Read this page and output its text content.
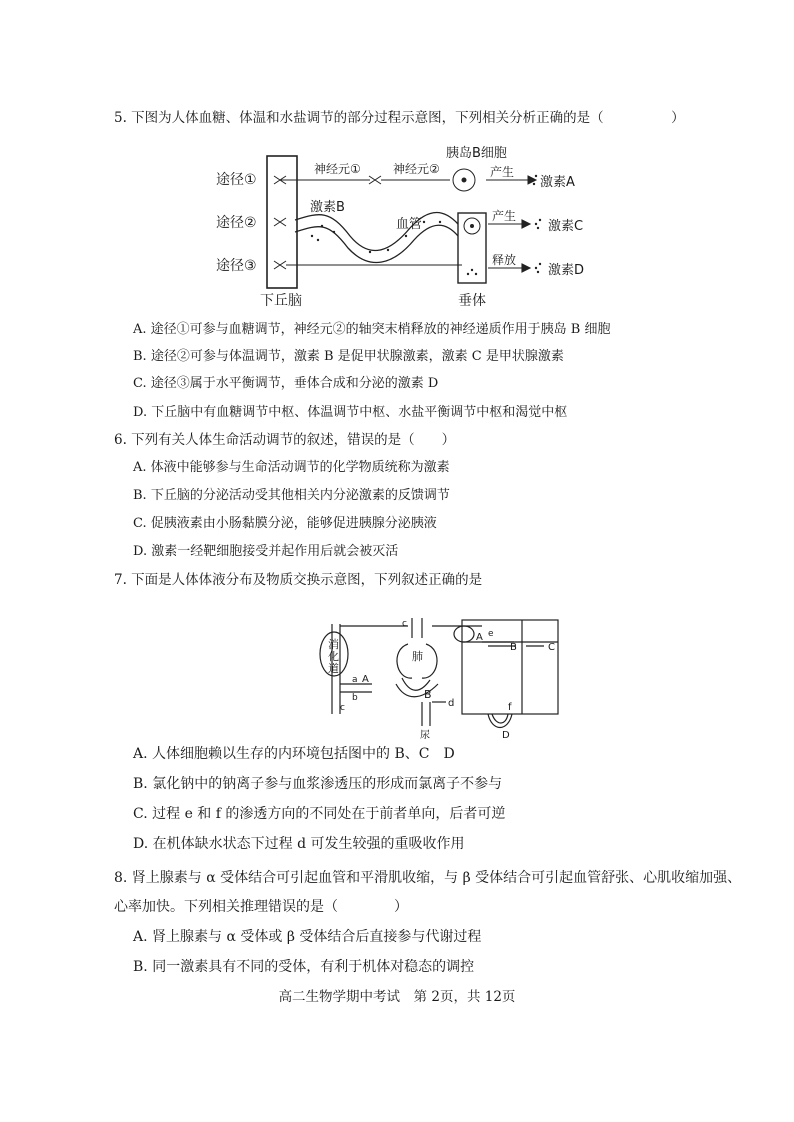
5. 下图为人体血糖、体温和水盐调节的部分过程示意图，下列相关分析正确的是（　　　　　）
途径①
途径②
途径③
下丘脑
神经元①	神经元②
胰岛B细胞
产生
激素A
激素B
血管
产生
释放
激素C
激素D
垂体
A. 途径①可参与血糖调节，神经元②的轴突末梢释放的神经递质作用于胰岛 B 细胞
B. 途径②可参与体温调节，激素 B 是促甲状腺激素，激素 C 是甲状腺激素
C. 途径③属于水平衡调节，垂体合成和分泌的激素 D
D. 下丘脑中有血糖调节中枢、体温调节中枢、水盐平衡调节中枢和渴觉中枢
6. 下列有关人体生命活动调节的叙述，错误的是（　　）
A. 体液中能够参与生命活动调节的化学物质统称为激素
B. 下丘脑的分泌活动受其他相关内分泌激素的反馈调节
C. 促胰液素由小肠黏膜分泌，能够促进胰腺分泌胰液
D. 激素一经靶细胞接受并起作用后就会被灭活
7. 下面是人体体液分布及物质交换示意图，下列叙述正确的是
消
化
道
肺
a A
b
c
c
B
d
尿
A e
B	C
f
D
A. 人体细胞赖以生存的内环境包括图中的 B、C　D
B. 氯化钠中的钠离子参与血浆渗透压的形成而氯离子不参与
C. 过程 e 和 f 的渗透方向的不同处在于前者单向，后者可逆
D. 在机体缺水状态下过程 d 可发生较强的重吸收作用
8. 肾上腺素与 α 受体结合可引起血管和平滑肌收缩，与 β 受体结合可引起血管舒张、心肌收缩加强、
心率加快。下列相关推理错误的是（　　　　）
A. 肾上腺素与 α 受体或 β 受体结合后直接参与代谢过程
B. 同一激素具有不同的受体，有利于机体对稳态的调控
高二生物学期中考试　第 2页，共 12页
